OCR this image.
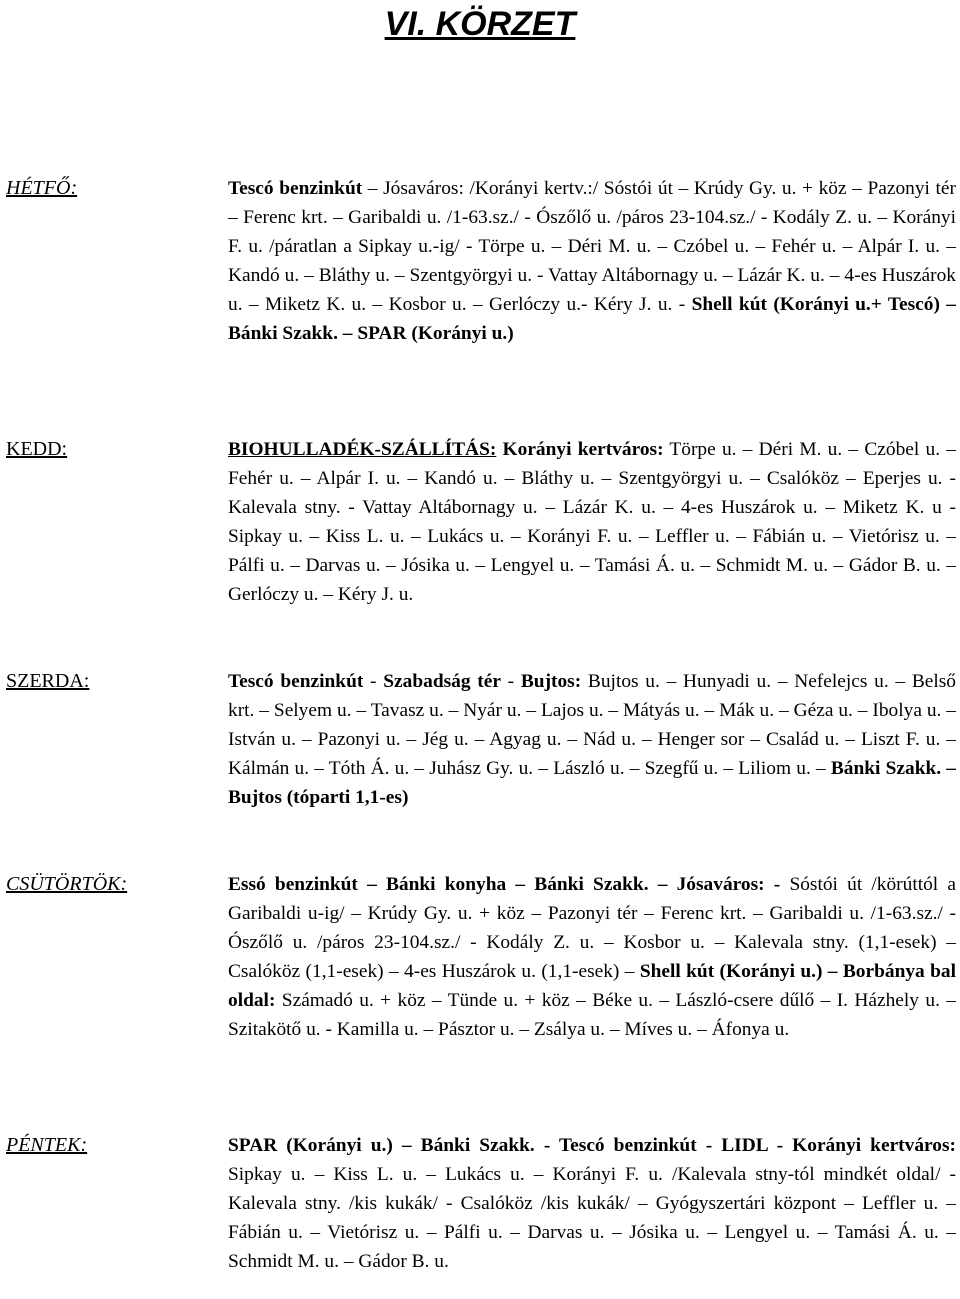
VI. KÖRZET
HÉTFŐ:	Tescó benzinkút – Jósaváros: /Korányi kertv.:/ Sóstói út – Krúdy Gy. u. + köz – Pazonyi tér – Ferenc krt. – Garibaldi u. /1-63.sz./ - Ószőlő u. /páros 23-104.sz./ - Kodály Z. u. – Korányi F. u. /páratlan a Sipkay u.-ig/ - Törpe u. – Déri M. u. – Czóbel u. – Fehér u. – Alpár I. u. – Kandó u. – Bláthy u. – Szentgyörgyi u. - Vattay Altábornagy u. – Lázár K. u. – 4-es Huszárok u. – Miketz K. u. – Kosbor u. – Gerlóczy u.- Kéry J. u. - Shell kút (Korányi u.+ Tescó) – Bánki Szakk. – SPAR (Korányi u.)
KEDD:	BIOHULLADÉK-SZÁLLÍTÁS: Korányi kertváros: Törpe u. – Déri M. u. – Czóbel u. – Fehér u. – Alpár I. u. – Kandó u. – Bláthy u. – Szentgyörgyi u. – Csalóköz – Eperjes u. - Kalevala stny. - Vattay Altábornagy u. – Lázár K. u. – 4-es Huszárok u. – Miketz K. u - Sipkay u. – Kiss L. u. – Lukács u. – Korányi F. u. – Leffler u. – Fábián u. – Vietórisz u. – Pálfi u. – Darvas u. – Jósika u. – Lengyel u. – Tamási Á. u. – Schmidt M. u. – Gádor B. u. – Gerlóczy u. – Kéry J. u.
SZERDA:	Tescó benzinkút - Szabadság tér - Bujtos: Bujtos u. – Hunyadi u. – Nefelejcs u. – Belső krt. – Selyem u. – Tavasz u. – Nyár u. – Lajos u. – Mátyás u. – Mák u. – Géza u. – Ibolya u. – István u. – Pazonyi u. – Jég u. – Agyag u. – Nád u. – Henger sor – Család u. – Liszt F. u. – Kálmán u. – Tóth Á. u. – Juhász Gy. u. – László u. – Szegfű u. – Liliom u. – Bánki Szakk. – Bujtos (tóparti 1,1-es)
CSÜTÖRTÖK:	Essó benzinkút – Bánki konyha – Bánki Szakk. – Jósaváros: - Sóstói út /körúttól a Garibaldi u-ig/ – Krúdy Gy. u. + köz – Pazonyi tér – Ferenc krt. – Garibaldi u. /1-63.sz./ - Ószőlő u. /páros 23-104.sz./ - Kodály Z. u. – Kosbor u. – Kalevala stny. (1,1-esek) – Csalóköz (1,1-esek) – 4-es Huszárok u. (1,1-esek) – Shell kút (Korányi u.) – Borbánya bal oldal: Számadó u. + köz – Tünde u. + köz – Béke u. – László-csere dűlő – I. Házhely u. – Szitakötő u. - Kamilla u. – Pásztor u. – Zsálya u. – Míves u. – Áfonya u.
PÉNTEK:	SPAR (Korányi u.) – Bánki Szakk. - Tescó benzinkút - LIDL - Korányi kertváros: Sipkay u. – Kiss L. u. – Lukács u. – Korányi F. u. /Kalevala stny-tól mindkét oldal/ - Kalevala stny. /kis kukák/ - Csalóköz /kis kukák/ – Gyógyszertári központ – Leffler u. – Fábián u. – Vietórisz u. – Pálfi u. – Darvas u. – Jósika u. – Lengyel u. – Tamási Á. u. – Schmidt M. u. – Gádor B. u.
